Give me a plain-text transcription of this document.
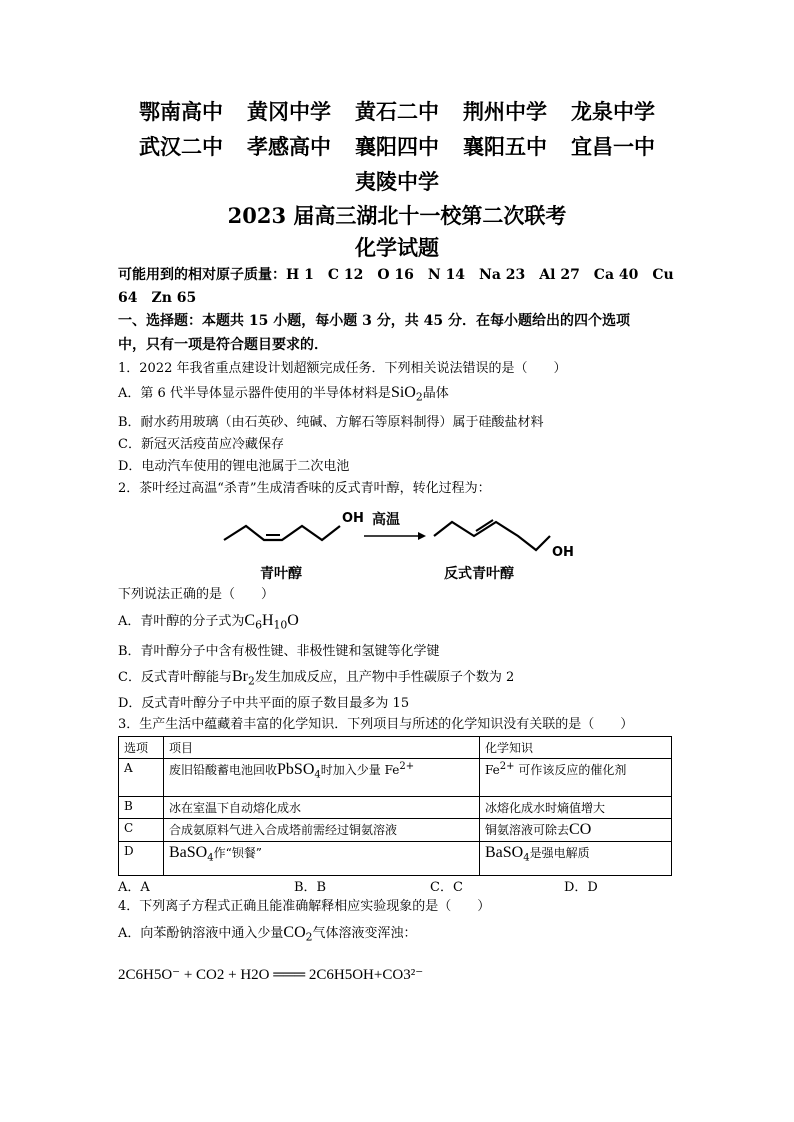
鄂南高中 黄冈中学 黄石二中 荆州中学 龙泉中学
武汉二中 孝感高中 襄阳四中 襄阳五中 宜昌一中
夷陵中学
2023 届高三湖北十一校第二次联考
化学试题
可能用到的相对原子质量：H 1　C 12　O 16　N 14　Na 23　Al 27　Ca 40　Cu
64　Zn 65
一、选择题：本题共 15 小题，每小题 3 分，共 45 分．在每小题给出的四个选项
中，只有一项是符合题目要求的．
1．2022 年我省重点建设计划超额完成任务．下列相关说法错误的是（　　）
A．第 6 代半导体显示器件使用的半导体材料是SiO$_2$晶体
B．耐水药用玻璃（由石英砂、纯碱、方解石等原料制得）属于硅酸盐材料
C．新冠灭活疫苗应冷藏保存
D．电动汽车使用的锂电池属于二次电池
2．茶叶经过高温“杀青”生成清香味的反式青叶醇，转化过程为：
OH 高温
OH
青叶醇	反式青叶醇
下列说法正确的是（　　）
A．青叶醇的分子式为$C_6H_{10}O$
B．青叶醇分子中含有极性键、非极性键和氢键等化学键
C．反式青叶醇能与$Br_2$发生加成反应，且产物中手性碳原子个数为 2
D．反式青叶醇分子中共平面的原子数目最多为 15
3．生产生活中蕴藏着丰富的化学知识．下列项目与所述的化学知识没有关联的是（　　）
选项	项目	化学知识
A	废旧铅酸蓄电池回收PbSO$_4$时加入少量 $Fe^{2+}$	$Fe^{2+}$ 可作该反应的催化剂
B	冰在室温下自动熔化成水	冰熔化成水时熵值增大
C	合成氨原料气进入合成塔前需经过铜氨溶液	铜氨溶液可除去CO
D	BaSO$_4$作“钡餐”	BaSO$_4$是强电解质
A．A	B．B	C．C	D．D
4．下列离子方程式正确且能准确解释相应实验现象的是（　　）
A．向苯酚钠溶液中通入少量$CO_2$气体溶液变浑浊：
2C6H5O⁻ + CO2 + H2O ═══ 2C6H5OH+CO3²⁻
